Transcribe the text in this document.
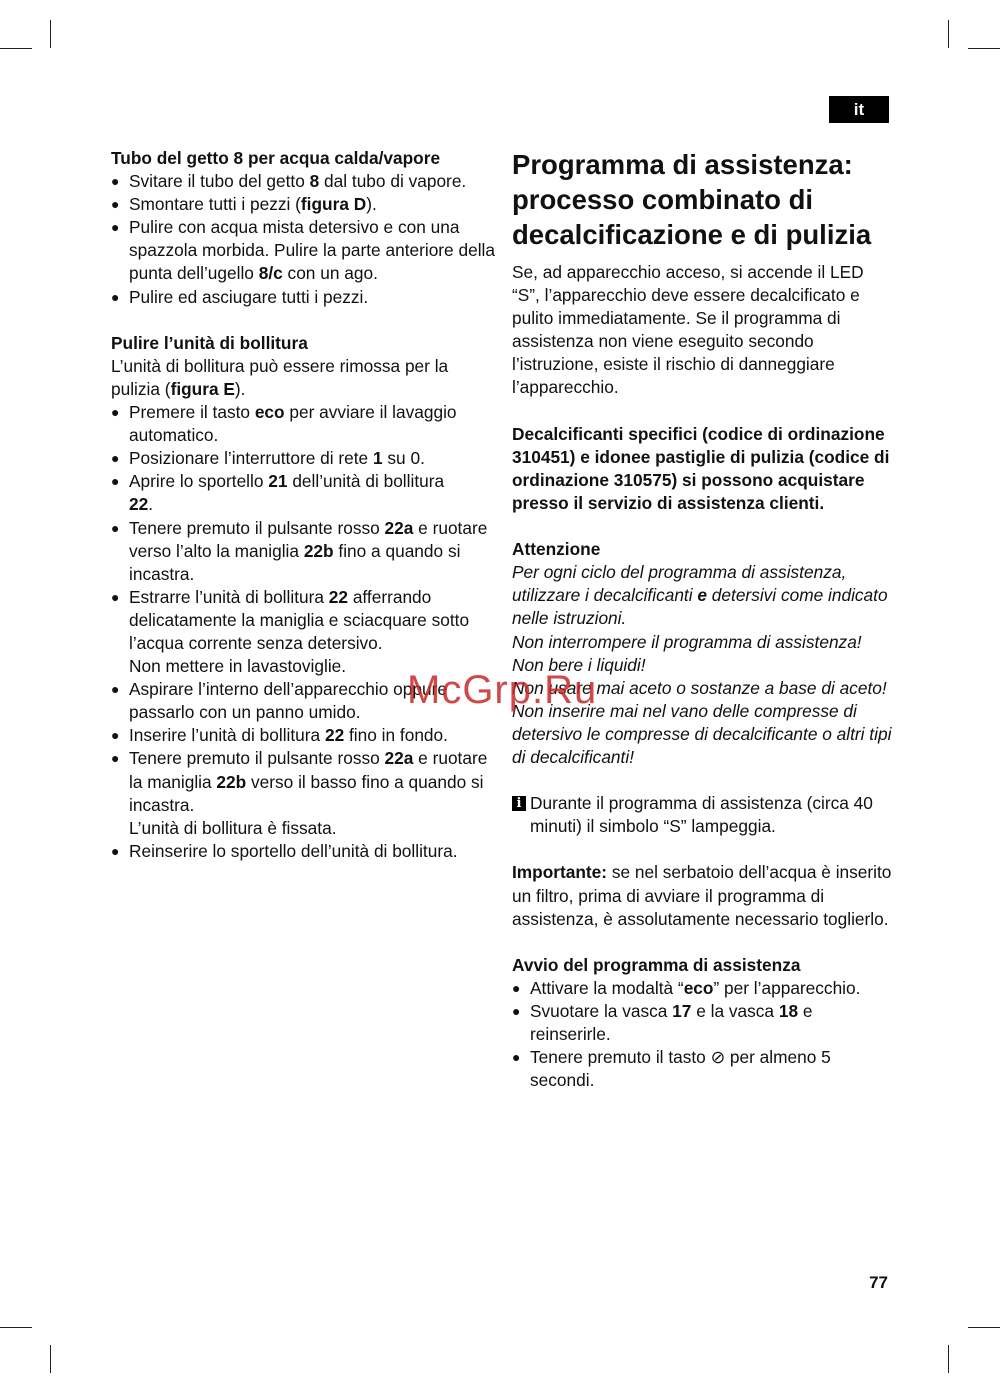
it

Tubo del getto 8 per acqua calda/vapore

● Svitare il tubo del getto 8 dal tubo di vapore.
● Smontare tutti i pezzi (figura D).
● Pulire con acqua mista detersivo e con una spazzola morbida. Pulire la parte anteriore della punta dell’ugello 8/c con un ago.
● Pulire ed asciugare tutti i pezzi.

Pulire l’unità di bollitura

L’unità di bollitura può essere rimossa per la pulizia (figura E).

● Premere il tasto eco per avviare il lavaggio automatico.
● Posizionare l’interruttore di rete 1 su 0.
● Aprire lo sportello 21 dell’unità di bollitura
22.
● Tenere premuto il pulsante rosso 22a e ruotare verso l’alto la maniglia 22b fino a quando si incastra.
● Estrarre l’unità di bollitura 22 afferrando delicatamente la maniglia e sciacquare sotto l’acqua corrente senza detersivo.
Non mettere in lavastoviglie.
● Aspirare l’interno dell’apparecchio oppure passarlo con un panno umido.
● Inserire l’unità di bollitura 22 fino in fondo.
● Tenere premuto il pulsante rosso 22a e ruotare la maniglia 22b verso il basso fino a quando si incastra.
L’unità di bollitura è fissata.
● Reinserire lo sportello dell’unità di bollitura.
Programma di assistenza: processo combinato di decalcificazione e di pulizia

Se, ad apparecchio acceso, si accende il LED “S”, l’apparecchio deve essere decalcificato e pulito immediatamente. Se il programma di assistenza non viene eseguito secondo l’istruzione, esiste il rischio di danneggiare l’apparecchio.

Decalcificanti specifici (codice di ordinazione 310451) e idonee pastiglie di pulizia (codice di ordinazione 310575) si possono acquistare presso il servizio di assistenza clienti.

Attenzione

Per ogni ciclo del programma di assistenza, utilizzare i decalcificanti e detersivi come indicato nelle istruzioni.

Non interrompere il programma di assistenza!

Non bere i liquidi!

Non usare mai aceto o sostanze a base di aceto!

Non inserire mai nel vano delle compresse di detersivo le compresse di decalcificante o altri tipi di decalcificanti!

i Durante il programma di assistenza (circa 40 minuti) il simbolo “S” lampeggia.

Importante: se nel serbatoio dell’acqua è inserito un filtro, prima di avviare il programma di assistenza, è assolutamente necessario toglierlo.

Avvio del programma di assistenza

● Attivare la modaltà “eco” per l’apparecchio.
● Svuotare la vasca 17 e la vasca 18 e reinserirle.
● Tenere premuto il tasto ⊘ per almeno 5 secondi.
McGrp.Ru
77
